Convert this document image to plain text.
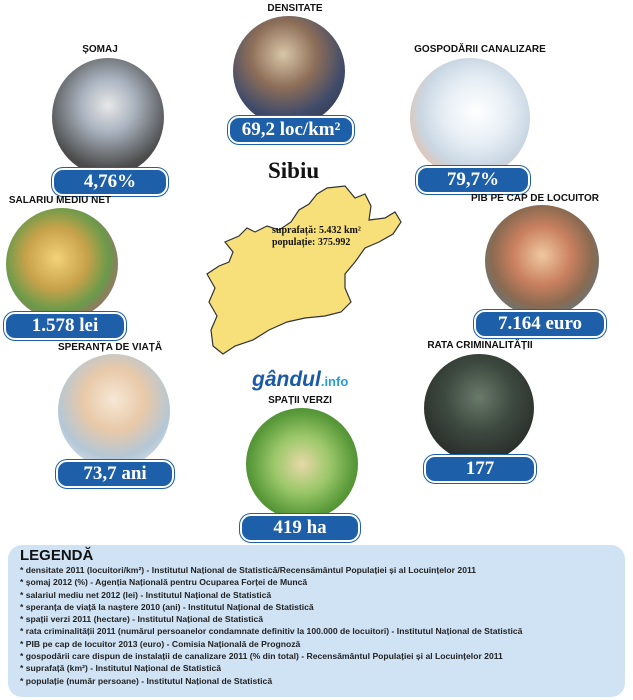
Sibiu
suprafață: 5.432 km²
populație: 375.992
gândul.info
DENSITATE
69,2 loc/km²
ȘOMAJ
4,76%
GOSPODĂRII CANALIZARE
79,7%
SALARIU MEDIU NET
1.578 lei
PIB PE CAP DE LOCUITOR
7.164 euro
SPERANȚA DE VIAȚĂ
73,7 ani
RATA CRIMINALITĂȚII
177
SPAȚII VERZI
419 ha
LEGENDĂ
* densitate 2011 (locuitori/km²) - Institutul Național de Statistică/Recensământul Populației și al Locuințelor 2011
* șomaj 2012 (%) - Agenția Națională pentru Ocuparea Forței de Muncă
* salariul mediu net 2012 (lei) - Institutul Național de Statistică
* speranța de viață la naștere 2010 (ani) - Institutul Național de Statistică
* spații verzi 2011 (hectare) - Institutul Național de Statistică
* rata criminalității 2011 (numărul persoanelor condamnate definitiv la 100.000 de locuitori) - Institutul Național de Statistică
* PIB pe cap de locuitor 2013 (euro) - Comisia Națională de Prognoză
* gospodării care dispun de instalații de canalizare 2011 (% din total) - Recensământul Populației și al Locuințelor 2011
* suprafață (km²) - Institutul Național de Statistică
* populație (număr persoane) - Institutul Național de Statistică
